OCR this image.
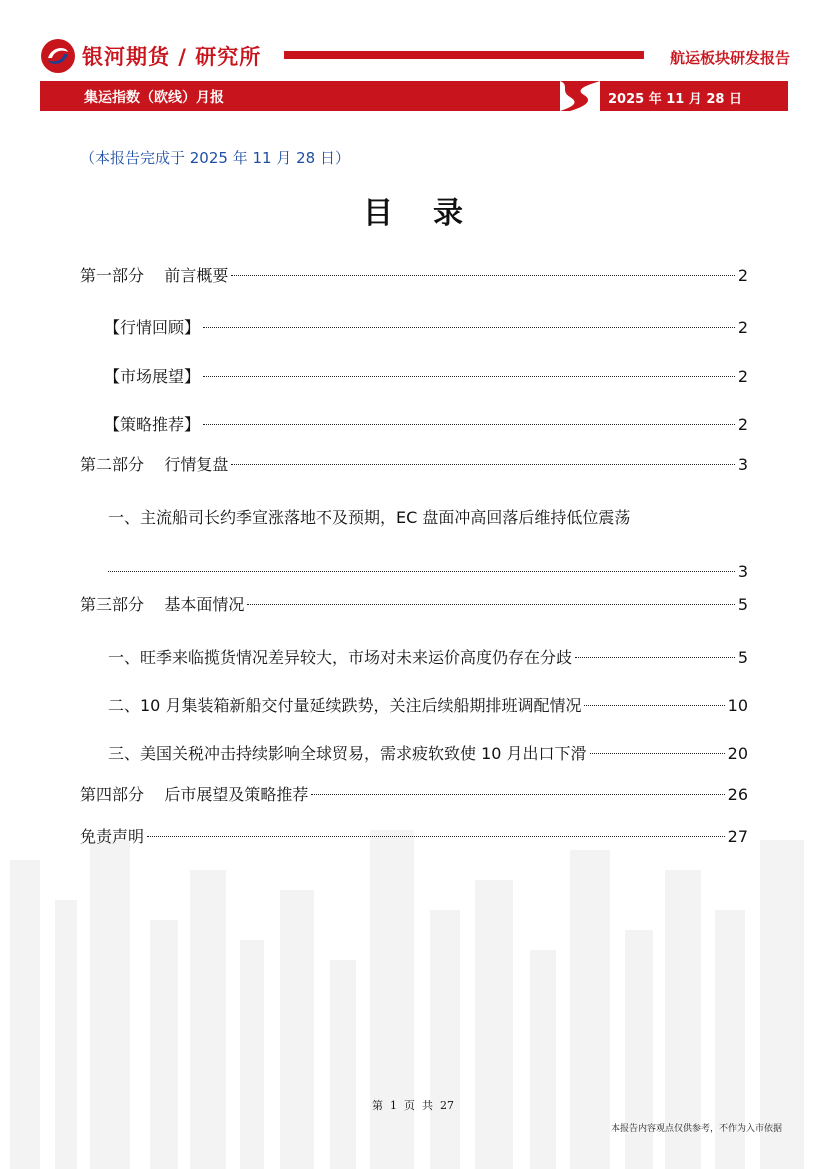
银河期货 / 研究所	航运板块研发报告
集运指数（欧线）月报	2025 年 11 月 28 日
（本报告完成于 2025 年 11 月 28 日）
目录
第一部分    前言概要	2
【行情回顾】	2
【市场展望】	2
【策略推荐】	2
第二部分    行情复盘	3
一、主流船司长约季宣涨落地不及预期，EC 盘面冲高回落后维持低位震荡
3
第三部分    基本面情况	5
一、旺季来临揽货情况差异较大，市场对未来运价高度仍存在分歧	5
二、10 月集装箱新船交付量延续跌势，关注后续船期排班调配情况	10
三、美国关税冲击持续影响全球贸易，需求疲软致使 10 月出口下滑	20
第四部分    后市展望及策略推荐	26
免责声明	27
第  1  页  共  27
本报告内容观点仅供参考，不作为入市依据
